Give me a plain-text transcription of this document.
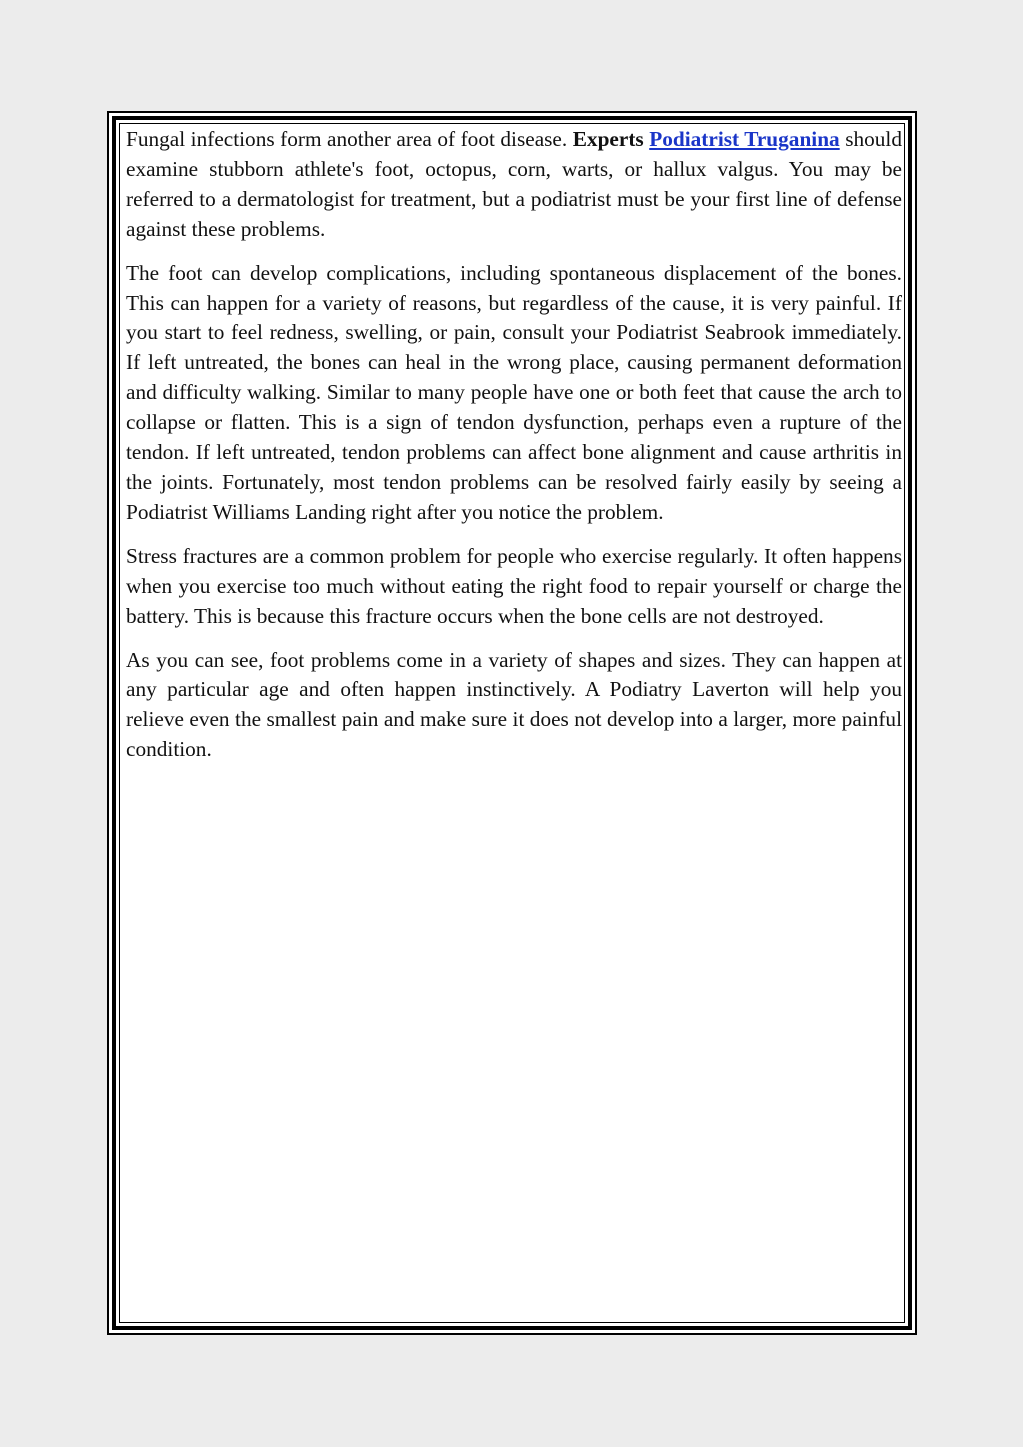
Fungal infections form another area of foot disease. Experts Podiatrist Truganina should examine stubborn athlete's foot, octopus, corn, warts, or hallux valgus. You may be referred to a dermatologist for treatment, but a podiatrist must be your first line of defense against these problems.

The foot can develop complications, including spontaneous displacement of the bones. This can happen for a variety of reasons, but regardless of the cause, it is very painful. If you start to feel redness, swelling, or pain, consult your Podiatrist Seabrook immediately. If left untreated, the bones can heal in the wrong place, causing permanent deformation and difficulty walking. Similar to many people have one or both feet that cause the arch to collapse or flatten. This is a sign of tendon dysfunction, perhaps even a rupture of the tendon. If left untreated, tendon problems can affect bone alignment and cause arthritis in the joints. Fortunately, most tendon problems can be resolved fairly easily by seeing a Podiatrist Williams Landing right after you notice the problem.

Stress fractures are a common problem for people who exercise regularly. It often happens when you exercise too much without eating the right food to repair yourself or charge the battery. This is because this fracture occurs when the bone cells are not destroyed.

As you can see, foot problems come in a variety of shapes and sizes. They can happen at any particular age and often happen instinctively. A Podiatry Laverton will help you relieve even the smallest pain and make sure it does not develop into a larger, more painful condition.
